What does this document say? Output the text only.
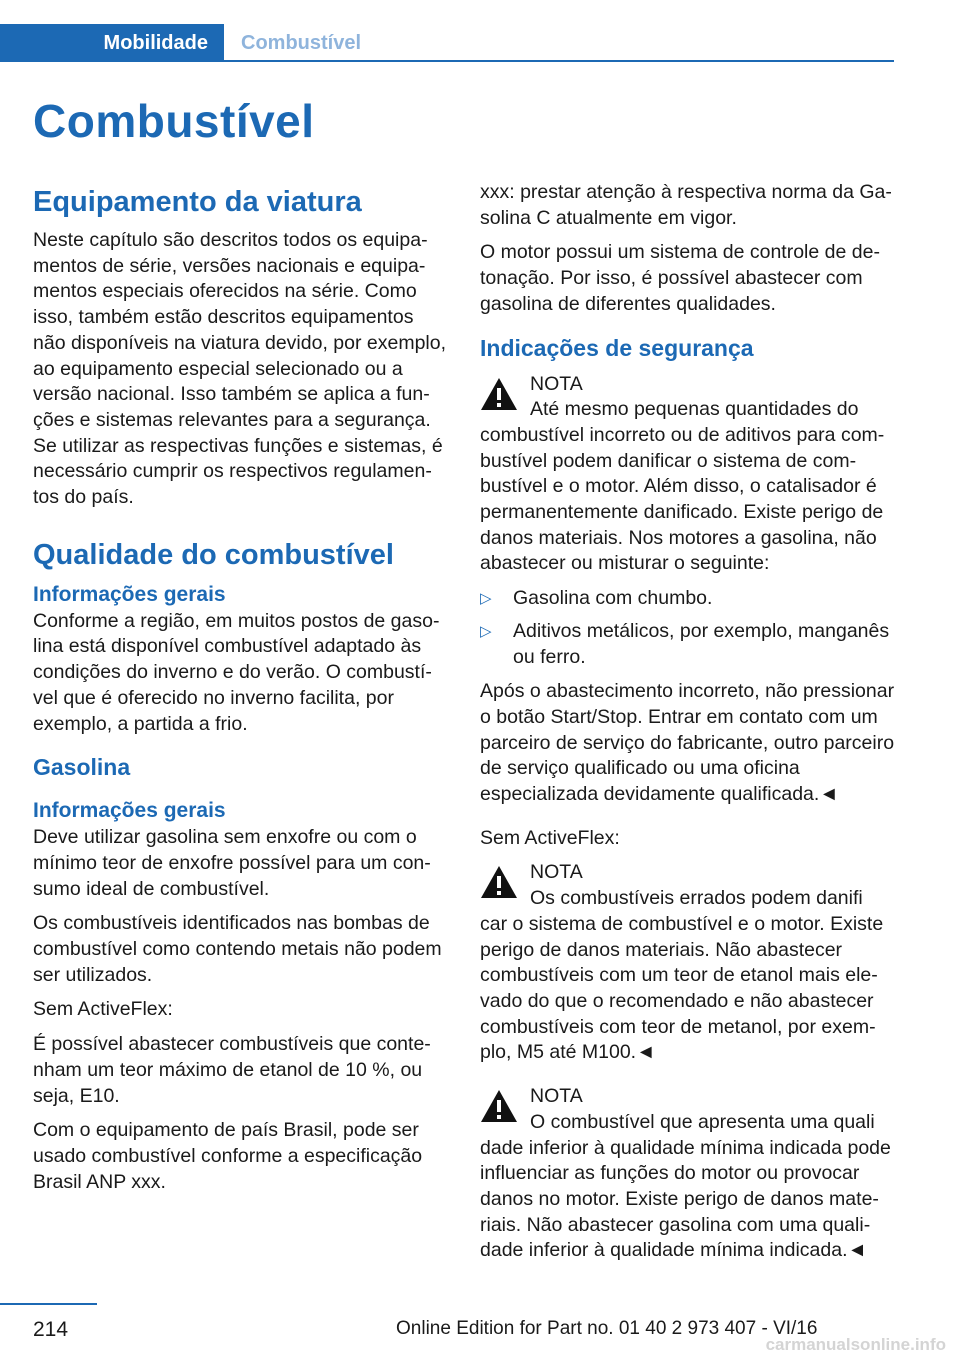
Mobilidade	Combustível
Combustível
Equipamento da viatura

Neste capítulo são descritos todos os equipamentos de série, versões nacionais e equipamentos especiais oferecidos na série. Como isso, também estão descritos equipamentos não disponíveis na viatura devido, por exemplo, ao equipamento especial selecionado ou a versão nacional. Isso também se aplica a funções e sistemas relevantes para a segurança. Se utilizar as respectivas funções e sistemas, é necessário cumprir os respectivos regulamentos do país.

Qualidade do combustível
Informações gerais

Conforme a região, em muitos postos de gasolina está disponível combustível adaptado às condições do inverno e do verão. O combustível que é oferecido no inverno facilita, por exemplo, a partida a frio.

Gasolina
Informações gerais

Deve utilizar gasolina sem enxofre ou com o mínimo teor de enxofre possível para um consumo ideal de combustível.

Os combustíveis identificados nas bombas de combustível como contendo metais não podem ser utilizados.

Sem ActiveFlex:

É possível abastecer combustíveis que contenham um teor máximo de etanol de 10 %, ou seja, E10.

Com o equipamento de país Brasil, pode ser usado combustível conforme a especificação Brasil ANP xxx.

xxx: prestar atenção à respectiva norma da Gasolina C atualmente em vigor.

O motor possui um sistema de controle de detonação. Por isso, é possível abastecer com gasolina de diferentes qualidades.

Indicações de segurança

NOTA

Até mesmo pequenas quantidades do

combustível incorreto ou de aditivos para combustível podem danificar o sistema de combustível e o motor. Além disso, o catalisador é permanentemente danificado. Existe perigo de danos materiais. Nos motores a gasolina, não abastecer ou misturar o seguinte:

▷ Gasolina com chumbo.
▷ Aditivos metálicos, por exemplo, manganês ou ferro.

Após o abastecimento incorreto, não pressionar o botão Start/Stop. Entrar em contato com um parceiro de serviço do fabricante, outro parceiro de serviço qualificado ou uma oficina especializada devidamente qualificada.◄

Sem ActiveFlex:

NOTA

Os combustíveis errados podem danifi

car o sistema de combustível e o motor. Existe perigo de danos materiais. Não abastecer combustíveis com um teor de etanol mais elevado do que o recomendado e não abastecer combustíveis com teor de metanol, por exemplo, M5 até M100.◄

NOTA

O combustível que apresenta uma quali

dade inferior à qualidade mínima indicada pode influenciar as funções do motor ou provocar danos no motor. Existe perigo de danos materiais. Não abastecer gasolina com uma qualidade inferior à qualidade mínima indicada.◄

214	Online Edition for Part no. 01 40 2 973 407 - VI/16
carmanualsonline.info
